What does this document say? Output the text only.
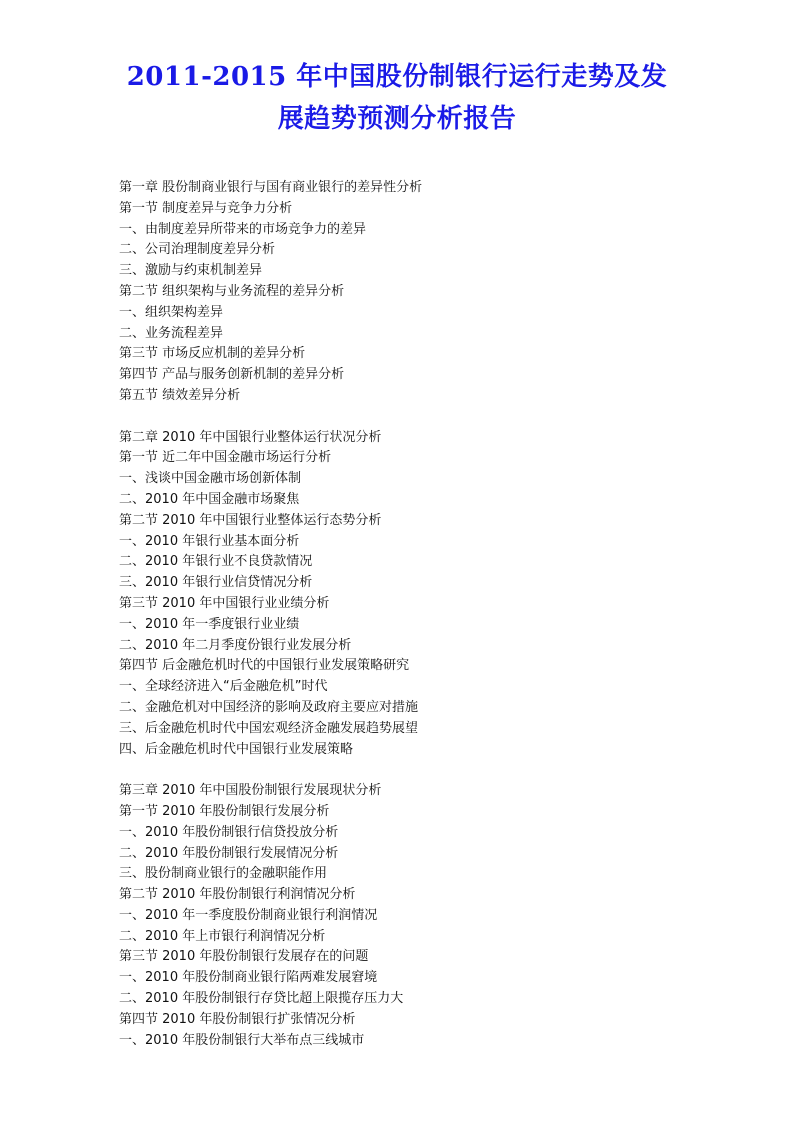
2011-2015 年中国股份制银行运行走势及发
展趋势预测分析报告
第一章 股份制商业银行与国有商业银行的差异性分析
第一节 制度差异与竞争力分析
一、由制度差异所带来的市场竞争力的差异
二、公司治理制度差异分析
三、激励与约束机制差异
第二节 组织架构与业务流程的差异分析
一、组织架构差异
二、业务流程差异
第三节 市场反应机制的差异分析
第四节 产品与服务创新机制的差异分析
第五节 绩效差异分析
第二章 2010 年中国银行业整体运行状况分析
第一节 近二年中国金融市场运行分析
一、浅谈中国金融市场创新体制
二、2010 年中国金融市场聚焦
第二节 2010 年中国银行业整体运行态势分析
一、2010 年银行业基本面分析
二、2010 年银行业不良贷款情况
三、2010 年银行业信贷情况分析
第三节 2010 年中国银行业业绩分析
一、2010 年一季度银行业业绩
二、2010 年二月季度份银行业发展分析
第四节 后金融危机时代的中国银行业发展策略研究
一、全球经济进入“后金融危机”时代
二、金融危机对中国经济的影响及政府主要应对措施
三、后金融危机时代中国宏观经济金融发展趋势展望
四、后金融危机时代中国银行业发展策略
第三章 2010 年中国股份制银行发展现状分析
第一节 2010 年股份制银行发展分析
一、2010 年股份制银行信贷投放分析
二、2010 年股份制银行发展情况分析
三、股份制商业银行的金融职能作用
第二节 2010 年股份制银行利润情况分析
一、2010 年一季度股份制商业银行利润情况
二、2010 年上市银行利润情况分析
第三节 2010 年股份制银行发展存在的问题
一、2010 年股份制商业银行陷两难发展窘境
二、2010 年股份制银行存贷比超上限揽存压力大
第四节 2010 年股份制银行扩张情况分析
一、2010 年股份制银行大举布点三线城市
